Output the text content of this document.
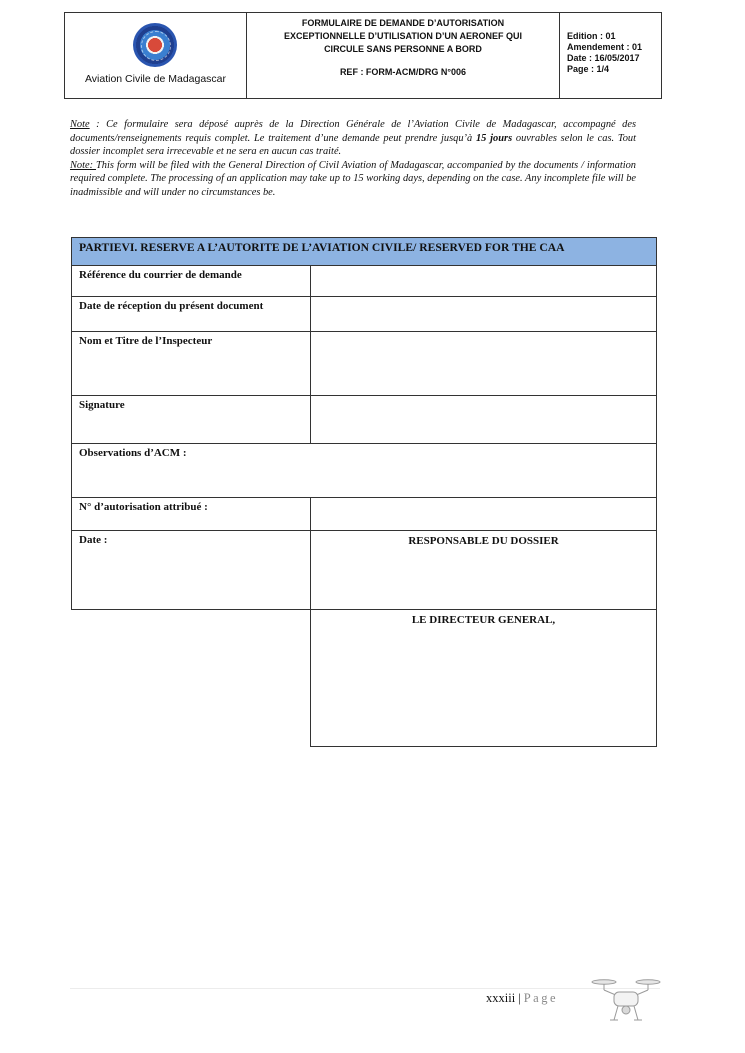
Aviation Civile de Madagascar
FORMULAIRE DE DEMANDE D’AUTORISATION
EXCEPTIONNELLE D’UTILISATION D’UN AERONEF QUI
CIRCULE SANS PERSONNE A BORD
REF : FORM-ACM/DRG N°006
Edition : 01
Amendement : 01
Date : 16/05/2017
Page : 1/4

Note : Ce formulaire sera déposé auprès de la Direction Générale de l’Aviation Civile de Madagascar, accompagné des documents/renseignements requis complet. Le traitement d’une demande peut prendre jusqu’à 15 jours ouvrables selon le cas. Tout dossier incomplet sera irrecevable et ne sera en aucun cas traité.

Note: This form will be filed with the General Direction of Civil Aviation of Madagascar, accompanied by the documents / information required complete. The processing of an application may take up to 15 working days, depending on the case. Any incomplete file will be inadmissible and will under no circumstances be.

PARTIEVI. RESERVE A L’AUTORITE DE L’AVIATION CIVILE/ RESERVED FOR THE CAA
Référence du courrier de demande
Date de réception du présent document
Nom et Titre de l’Inspecteur
Signature
Observations d’ACM :
N° d’autorisation attribué :
Date :	RESPONSABLE DU DOSSIER
LE DIRECTEUR GENERAL,
xxxiii | Page
